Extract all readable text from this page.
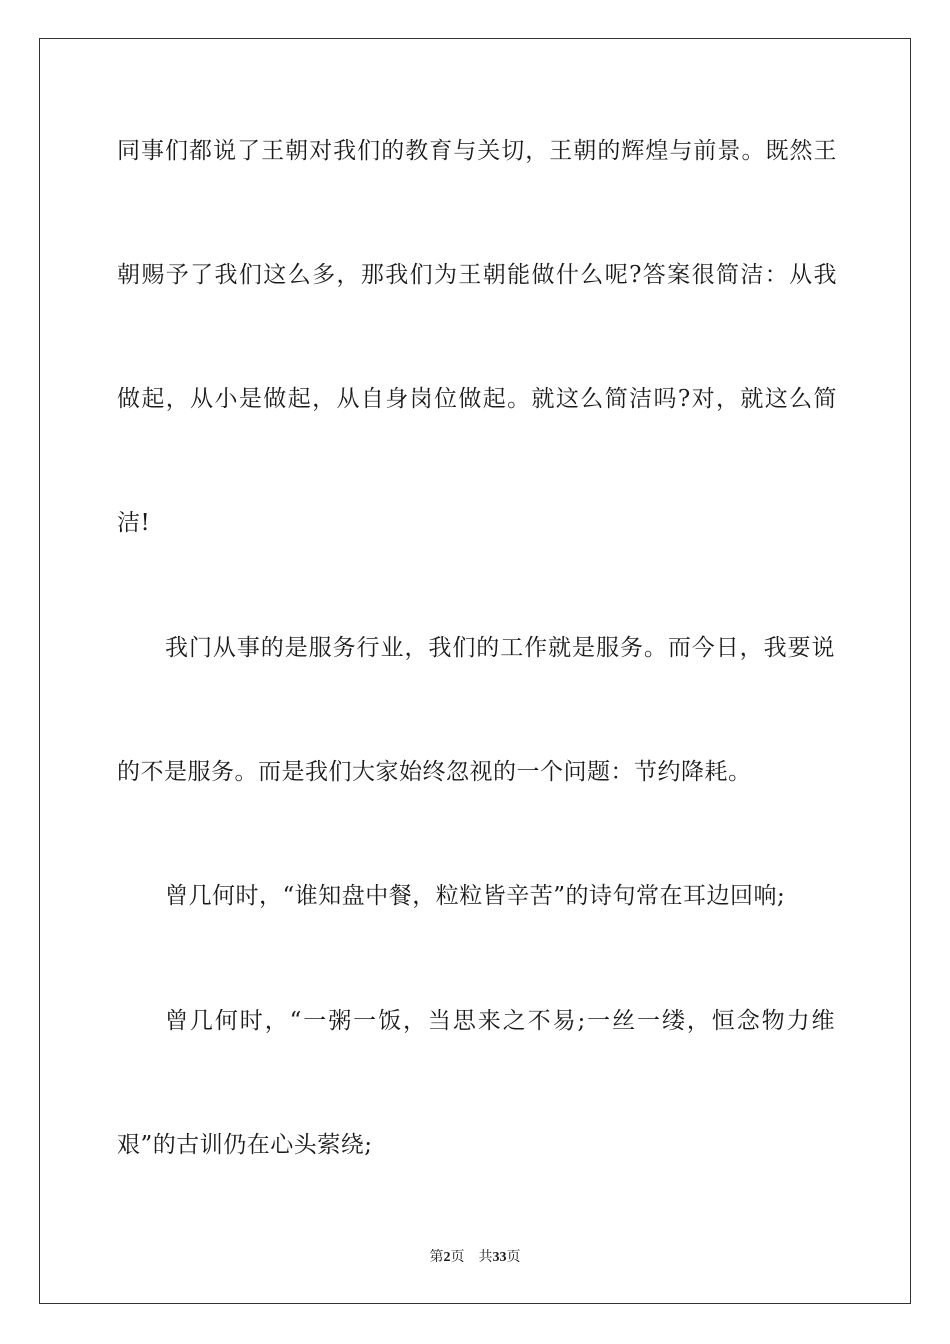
同事们都说了王朝对我们的教育与关切，王朝的辉煌与前景。既然王
朝赐予了我们这么多，那我们为王朝能做什么呢?答案很简洁：从我
做起，从小是做起，从自身岗位做起。就这么简洁吗?对，就这么简
洁!
我门从事的是服务行业，我们的工作就是服务。而今日，我要说
的不是服务。而是我们大家始终忽视的一个问题：节约降耗。
曾几何时，“谁知盘中餐，粒粒皆辛苦”的诗句常在耳边回响;
曾几何时，“一粥一饭，当思来之不易;一丝一缕，恒念物力维
艰”的古训仍在心头萦绕;
第2页 共33页
